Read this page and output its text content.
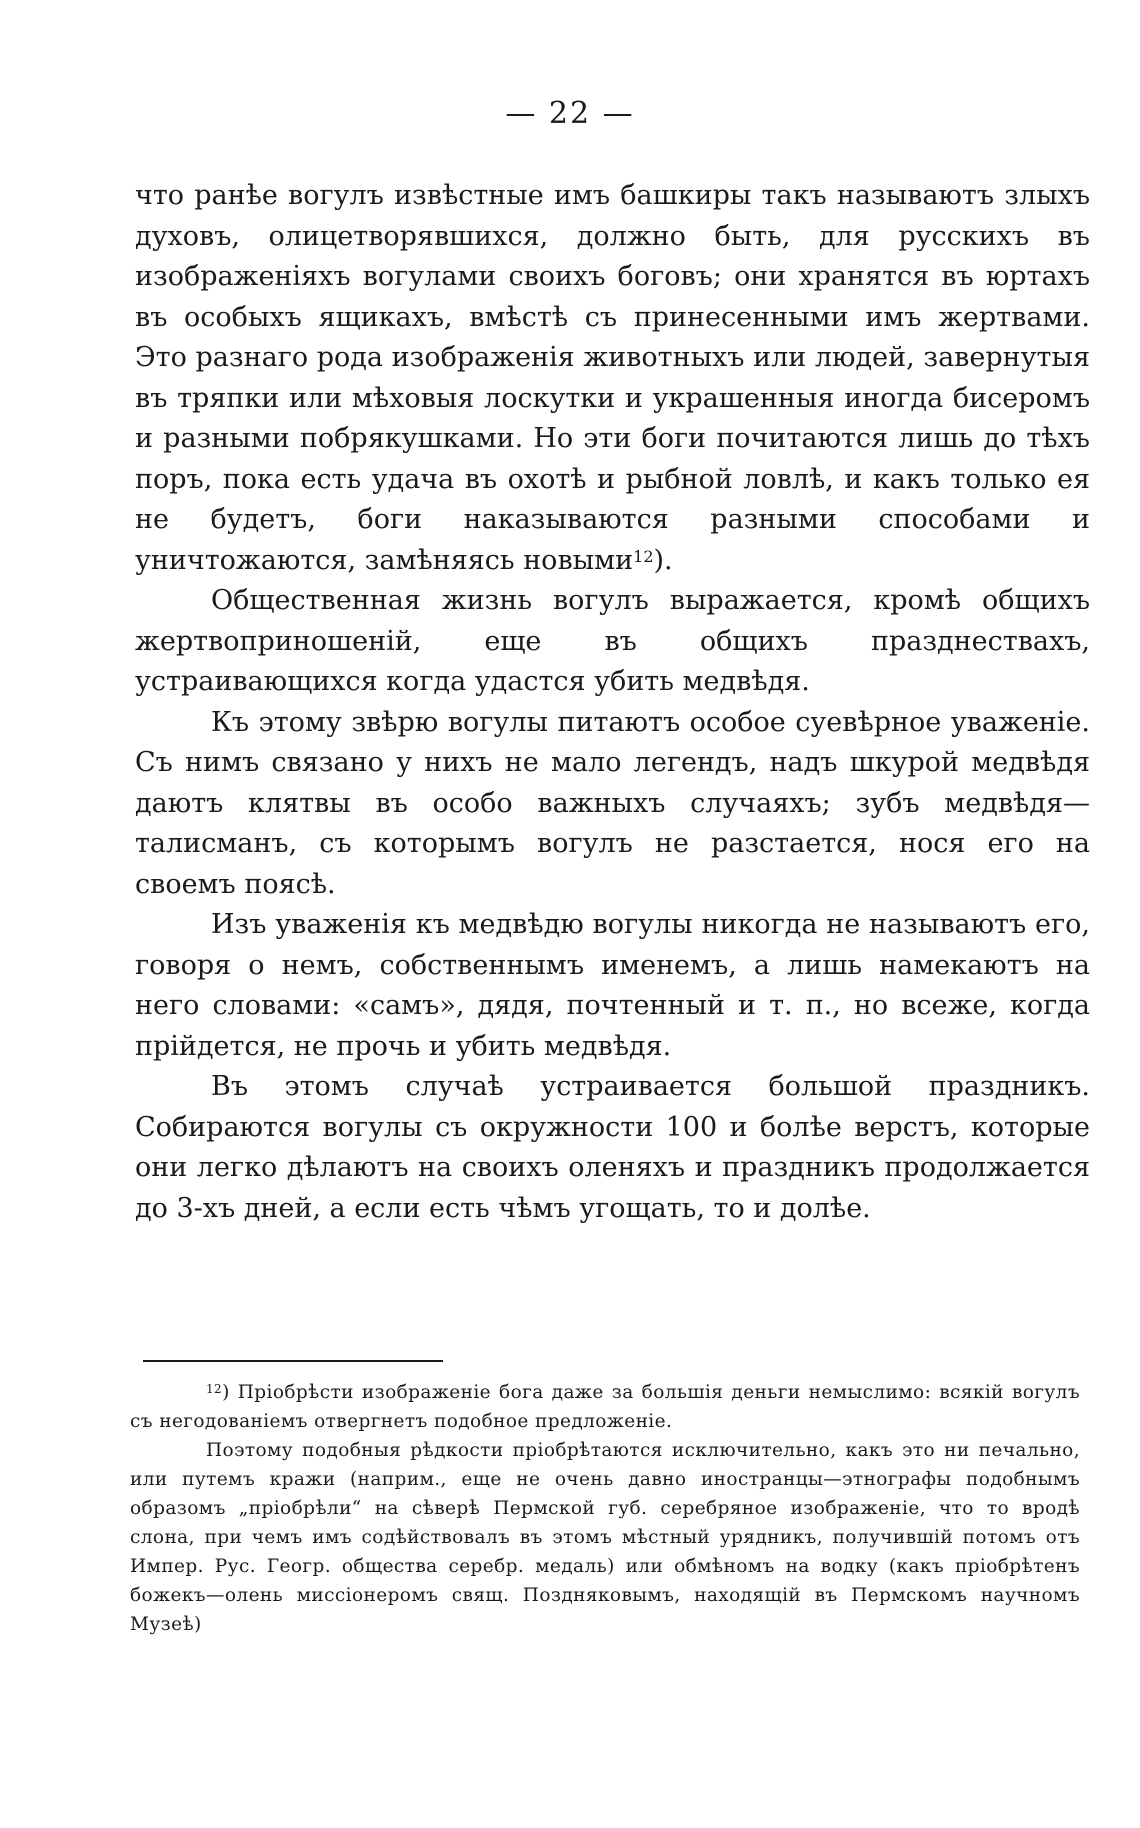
— 22 —

что ранѣе вогулъ извѣстные имъ башкиры такъ называютъ злыхъ духовъ, олицетворявшихся, должно быть, для русскихъ въ изображеніяхъ вогулами своихъ боговъ; они хранятся въ юртахъ въ особыхъ ящикахъ, вмѣстѣ съ принесенными имъ жертвами. Это разнаго рода изображенія животныхъ или людей, завернутыя въ тряпки или мѣховыя лоскутки и украшенныя иногда бисеромъ и разными побрякушками. Но эти боги почитаются лишь до тѣхъ поръ, пока есть удача въ охотѣ и рыбной ловлѣ, и какъ только ея не будетъ, боги наказываются разными способами и уничтожаются, замѣняясь новыми$^{12}$).

Общественная жизнь вогулъ выражается, кромѣ общихъ жертвоприношеній, еще въ общихъ празднествахъ, устраивающихся когда удастся убить медвѣдя.

Къ этому звѣрю вогулы питаютъ особое суевѣрное уваженіе. Съ нимъ связано у нихъ не мало легендъ, надъ шкурой медвѣдя даютъ клятвы въ особо важныхъ случаяхъ; зубъ медвѣдя—талисманъ, съ которымъ вогулъ не разстается, нося его на своемъ поясѣ.

Изъ уваженія къ медвѣдю вогулы никогда не называютъ его, говоря о немъ, собственнымъ именемъ, а лишь намекаютъ на него словами: «самъ», дядя, почтенный и т. п., но всеже, когда прійдется, не прочь и убить медвѣдя.

Въ этомъ случаѣ устраивается большой праздникъ. Собираются вогулы съ окружности 100 и болѣе верстъ, которые они легко дѣлаютъ на своихъ оленяхъ и праздникъ продолжается до 3-хъ дней, а если есть чѣмъ угощать, то и долѣе.

$^{12}$) Пріобрѣсти изображеніе бога даже за большія деньги немыслимо: всякій вогулъ съ негодованіемъ отвергнетъ подобное предложеніе.

Поэтому подобныя рѣдкости пріобрѣтаются исключительно, какъ это ни печально, или путемъ кражи (наприм., еще не очень давно иностранцы—этнографы подобнымъ образомъ „пріобрѣли“ на сѣверѣ Пермской губ. серебряное изображеніе, что то вродѣ слона, при чемъ имъ содѣйствовалъ въ этомъ мѣстный урядникъ, получившій потомъ отъ Импер. Рус. Геогр. общества серебр. медаль) или обмѣномъ на водку (какъ пріобрѣтенъ божекъ—олень миссіонеромъ свящ. Поздняковымъ, находящій въ Пермскомъ научномъ Музеѣ)
